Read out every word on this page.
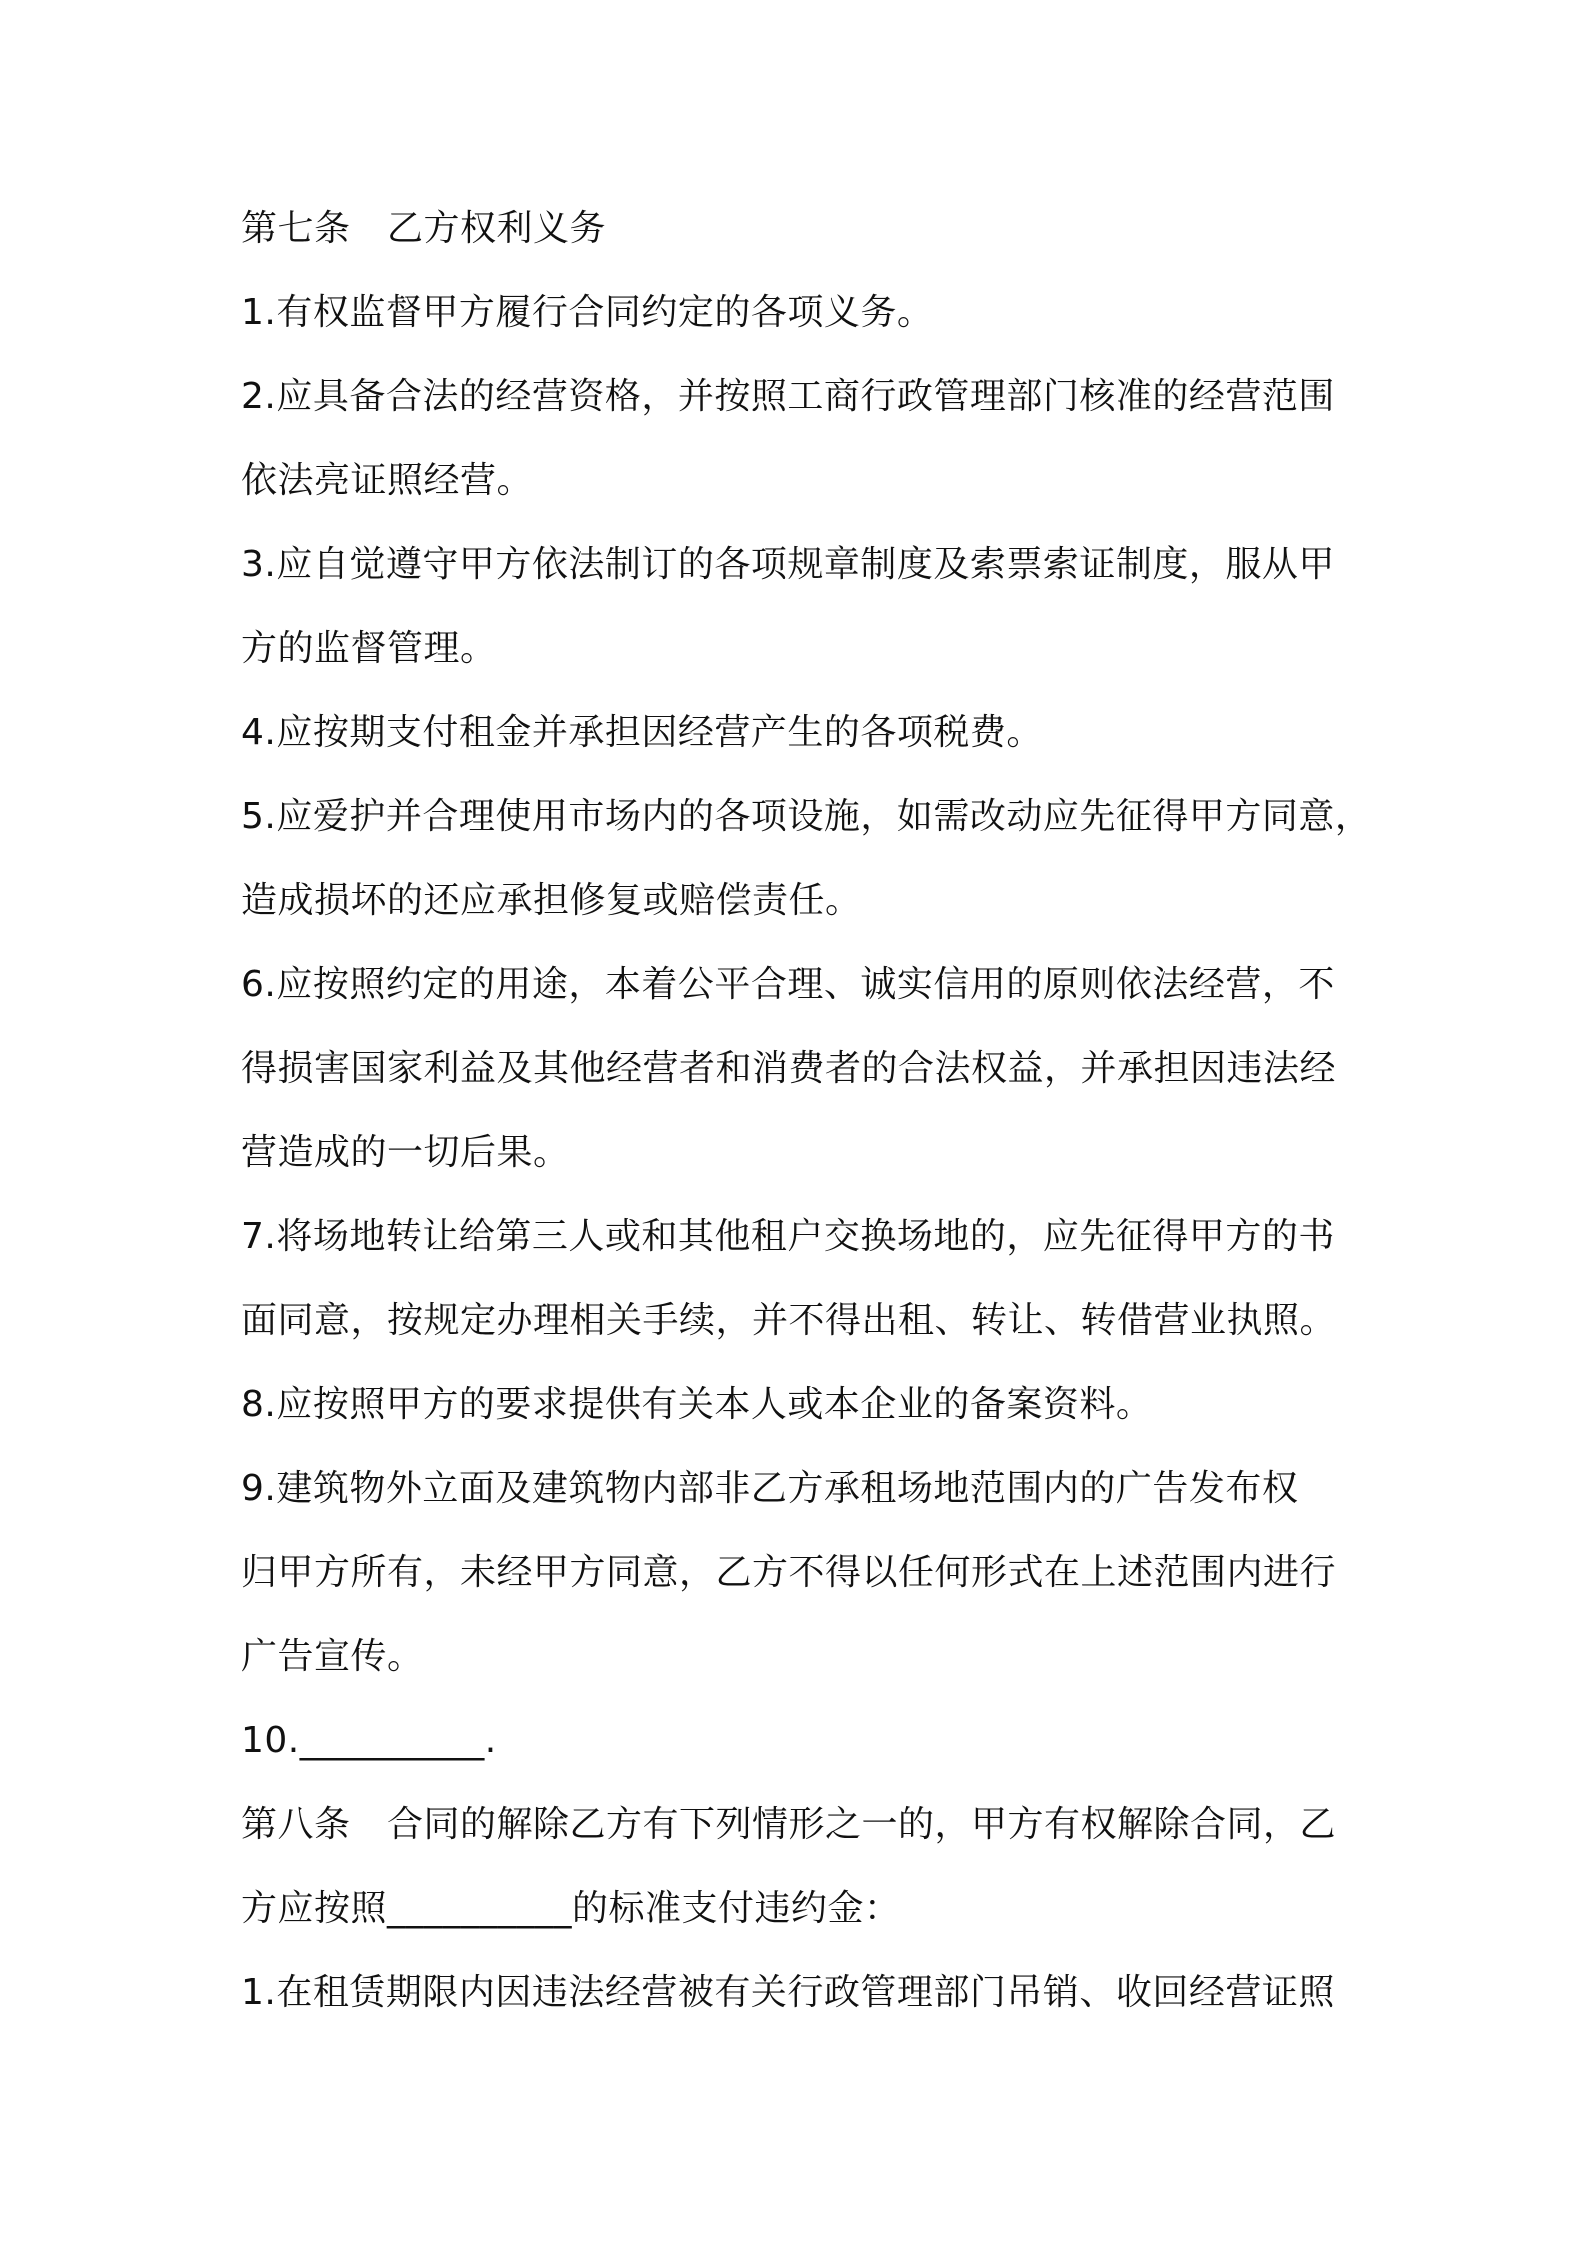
第七条　乙方权利义务
1.有权监督甲方履行合同约定的各项义务。
2.应具备合法的经营资格，并按照工商行政管理部门核准的经营范围
依法亮证照经营。
3.应自觉遵守甲方依法制订的各项规章制度及索票索证制度，服从甲
方的监督管理。
4.应按期支付租金并承担因经营产生的各项税费。
5.应爱护并合理使用市场内的各项设施，如需改动应先征得甲方同意，
造成损坏的还应承担修复或赔偿责任。
6.应按照约定的用途，本着公平合理、诚实信用的原则依法经营，不
得损害国家利益及其他经营者和消费者的合法权益，并承担因违法经
营造成的一切后果。
7.将场地转让给第三人或和其他租户交换场地的，应先征得甲方的书
面同意，按规定办理相关手续，并不得出租、转让、转借营业执照。
8.应按照甲方的要求提供有关本人或本企业的备案资料。
9.建筑物外立面及建筑物内部非乙方承租场地范围内的广告发布权
归甲方所有，未经甲方同意，乙方不得以任何形式在上述范围内进行
广告宣传。
10.__________.
第八条　合同的解除乙方有下列情形之一的，甲方有权解除合同，乙
方应按照__________的标准支付违约金：
1.在租赁期限内因违法经营被有关行政管理部门吊销、收回经营证照
